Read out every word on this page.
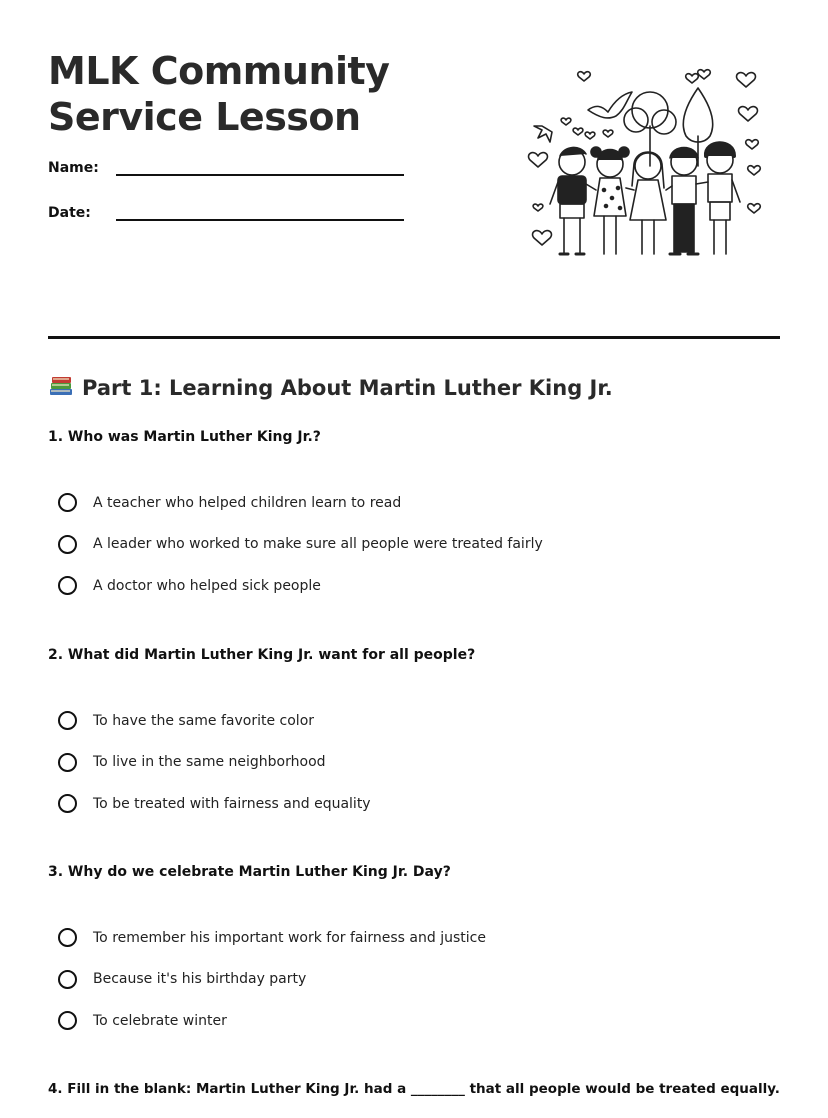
MLK Community
Service Lesson
Name:
Date:
Part 1: Learning About Martin Luther King Jr.
1. Who was Martin Luther King Jr.?
A teacher who helped children learn to read
A leader who worked to make sure all people were treated fairly
A doctor who helped sick people
2. What did Martin Luther King Jr. want for all people?
To have the same favorite color
To live in the same neighborhood
To be treated with fairness and equality
3. Why do we celebrate Martin Luther King Jr. Day?
To remember his important work for fairness and justice
Because it's his birthday party
To celebrate winter
4. Fill in the blank: Martin Luther King Jr. had a ________ that all people would be treated equally.
